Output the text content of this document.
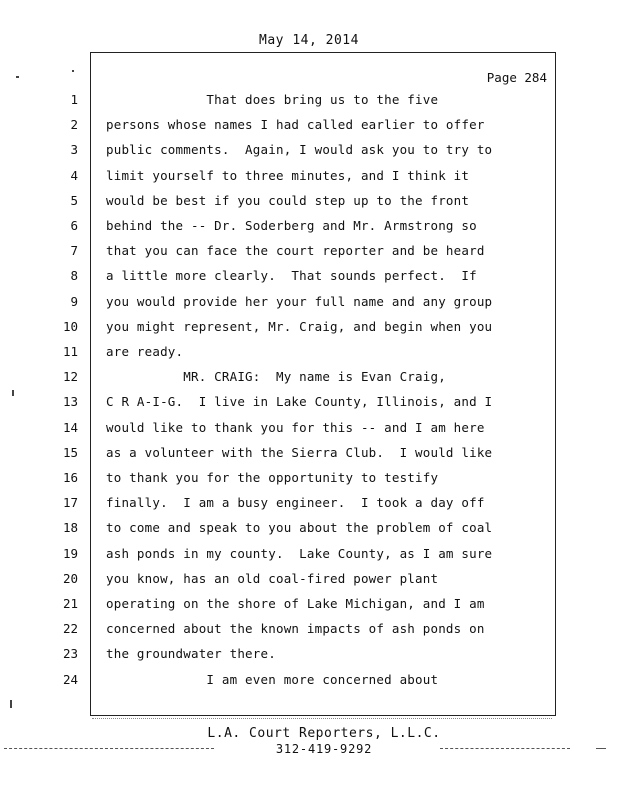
May 14, 2014
Page 284
1 That does bring us to the five
2 persons whose names I had called earlier to offer
3 public comments.  Again, I would ask you to try to
4 limit yourself to three minutes, and I think it
5 would be best if you could step up to the front
6 behind the -- Dr. Soderberg and Mr. Armstrong so
7 that you can face the court reporter and be heard
8 a little more clearly.  That sounds perfect.  If
9 you would provide her your full name and any group
10 you might represent, Mr. Craig, and begin when you
11 are ready.
12 MR. CRAIG:  My name is Evan Craig,
13 C R A-I-G.  I live in Lake County, Illinois, and I
14 would like to thank you for this -- and I am here
15 as a volunteer with the Sierra Club.  I would like
16 to thank you for the opportunity to testify
17 finally.  I am a busy engineer.  I took a day off
18 to come and speak to you about the problem of coal
19 ash ponds in my county.  Lake County, as I am sure
20 you know, has an old coal-fired power plant
21 operating on the shore of Lake Michigan, and I am
22 concerned about the known impacts of ash ponds on
23 the groundwater there.
24 I am even more concerned about
L.A. Court Reporters, L.L.C.
312-419-9292
